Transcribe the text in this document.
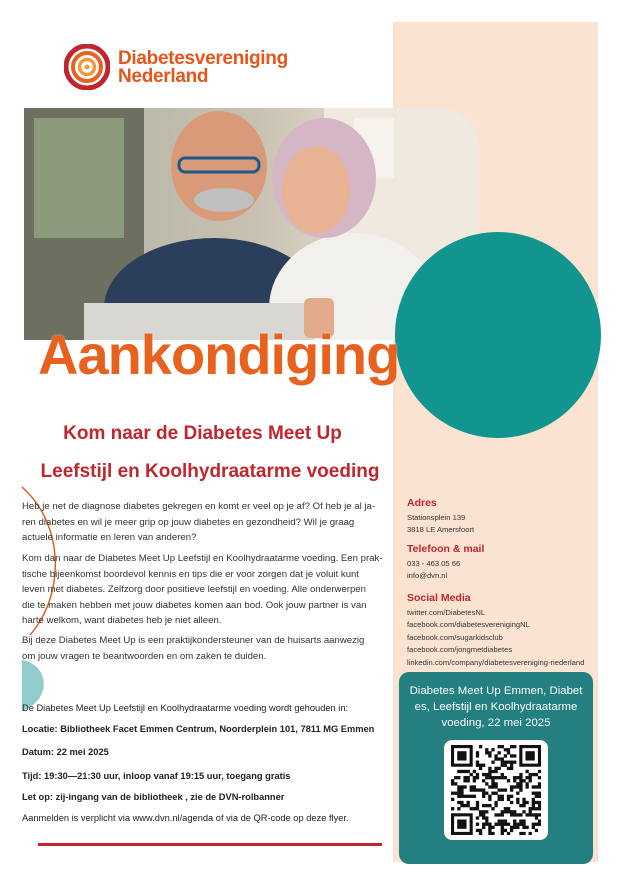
Diabetesvereniging
Nederland
Aankondiging
Kom naar de Diabetes Meet Up
Leefstijl en Koolhydraatarme voeding
Heb je net de diagnose diabetes gekregen en komt er veel op je af? Of heb je al ja-
ren diabetes en wil je meer grip op jouw diabetes en gezondheid? Wil je graag
actuele informatie en leren van anderen?
Kom dan naar de Diabetes Meet Up Leefstijl en Koolhydraatarme voeding. Een prak-
tische bijeenkomst boordevol kennis en tips die er voor zorgen dat je voluit kunt
leven met diabetes. Zelfzorg door positieve leefstijl en voeding. Alle onderwerpen
die te maken hebben met jouw diabetes komen aan bod. Ook jouw partner is van
harte welkom, want diabetes heb je niet alleen.
Bij deze Diabetes Meet Up is een praktijkondersteuner van de huisarts aanwezig
om jouw vragen te beantwoorden en om zaken te duiden.
De Diabetes Meet Up Leefstijl en Koolhydraatarme voeding wordt gehouden in:
Locatie: Bibliotheek Facet Emmen Centrum, Noorderplein 101, 7811 MG Emmen
Datum: 22 mei 2025
Tijd: 19:30—21:30 uur, inloop vanaf 19:15 uur, toegang gratis
Let op: zij-ingang van de bibliotheek , zie de DVN-rolbanner
Aanmelden is verplicht via www.dvn.nl/agenda of via de QR-code op deze flyer.
Adres
Stationsplein 139
3818 LE Amersfoort
Telefoon & mail
033 - 463 05 66
info@dvn.nl
Social Media
twitter.com/DiabetesNL
facebook.com/diabetesverenigingNL
facebook.com/sugarkidsclub
facebook.com/jongmetdiabetes
linkedin.com/company/diabetesvereniging-nederland
Diabetes Meet Up Emmen, Diabet
es, Leefstijl en Koolhydraatarme
voeding, 22 mei 2025
